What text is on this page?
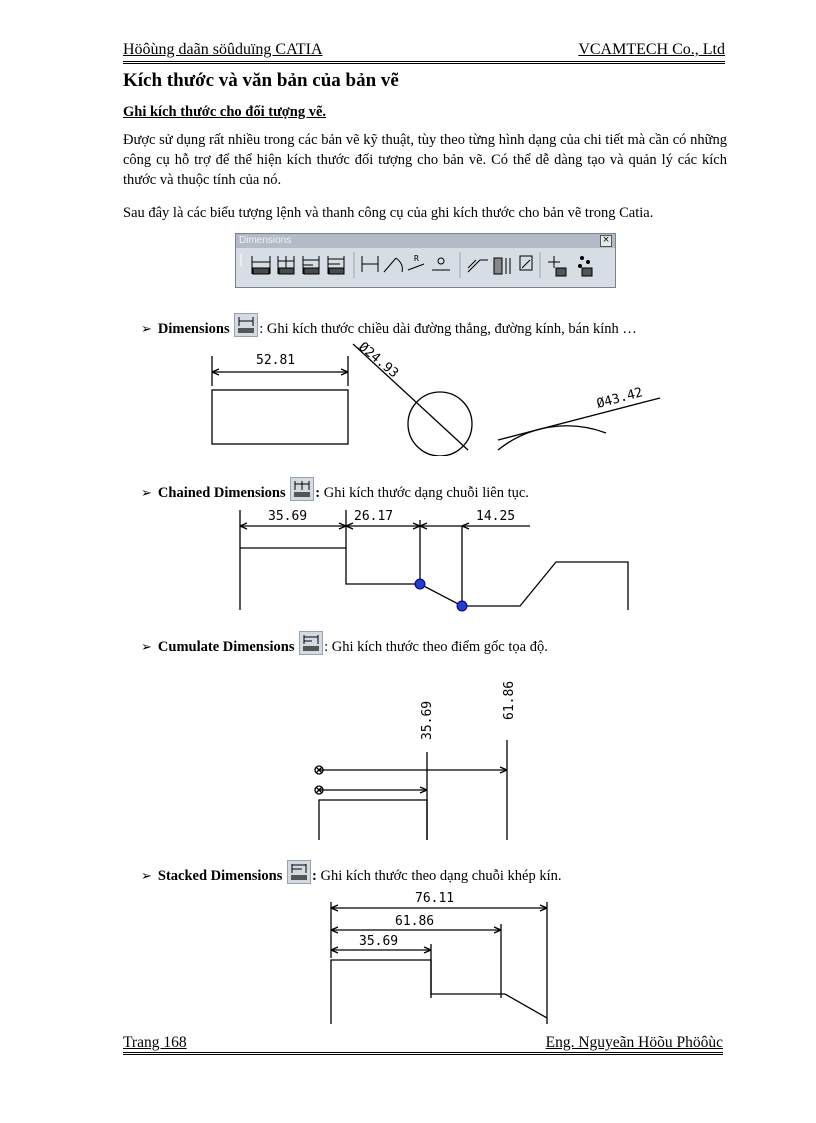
Höôùng daãn söûduïng CATIA	VCAMTECH Co., Ltd
Kích thước và văn bản của bản vẽ
Ghi kích thước cho đối tượng vẽ.
Được sử dụng rất nhiều trong các bản vẽ kỹ thuật, tùy theo từng hình dạng của chi tiết mà cần có những công cụ hỗ trợ để thể hiện kích thước đối tượng cho bản vẽ. Có thể dễ dàng tạo và quản lý các kích thước và thuộc tính của nó.
Sau đây là các biểu tượng lệnh và thanh công cụ của ghi kích thước cho bản vẽ trong Catia.
Dimensions	×
R
➢ Dimensions : Ghi kích thước chiều dài đường thẳng, đường kính, bán kính …
52.81	Ø24.93
Ø43.42
➢ Chained Dimensions : Ghi kích thước dạng chuỗi liên tục.
35.69	26.17	14.25
➢ Cumulate Dimensions : Ghi kích thước theo điểm gốc tọa độ.
35.69
61.86
➢ Stacked Dimensions : Ghi kích thước theo dạng chuỗi khép kín.
76.11
61.86
35.69
Trang 168	Eng. Nguyeãn Höõu Phöôùc
